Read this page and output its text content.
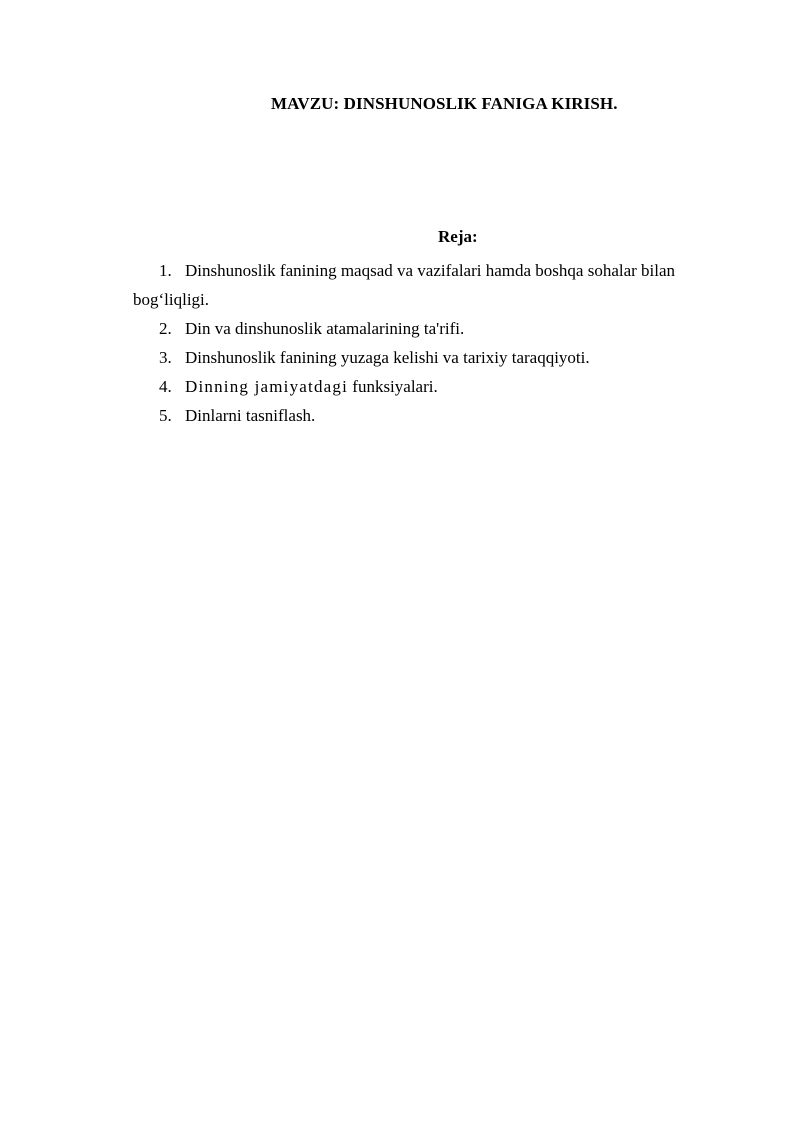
MAVZU: DINSHUNOSLIK FANIGA KIRISH.
Reja:
1. Dinshunoslik fanining maqsad va vazifalari hamda boshqa sohalar bilan
bog‘liqligi.
2. Din va dinshunoslik atamalarining ta'rifi.
3. Dinshunoslik fanining yuzaga kelishi va tarixiy taraqqiyoti.
4. Dinning jamiyatdagi funksiyalari.
5. Dinlarni tasniflash.
